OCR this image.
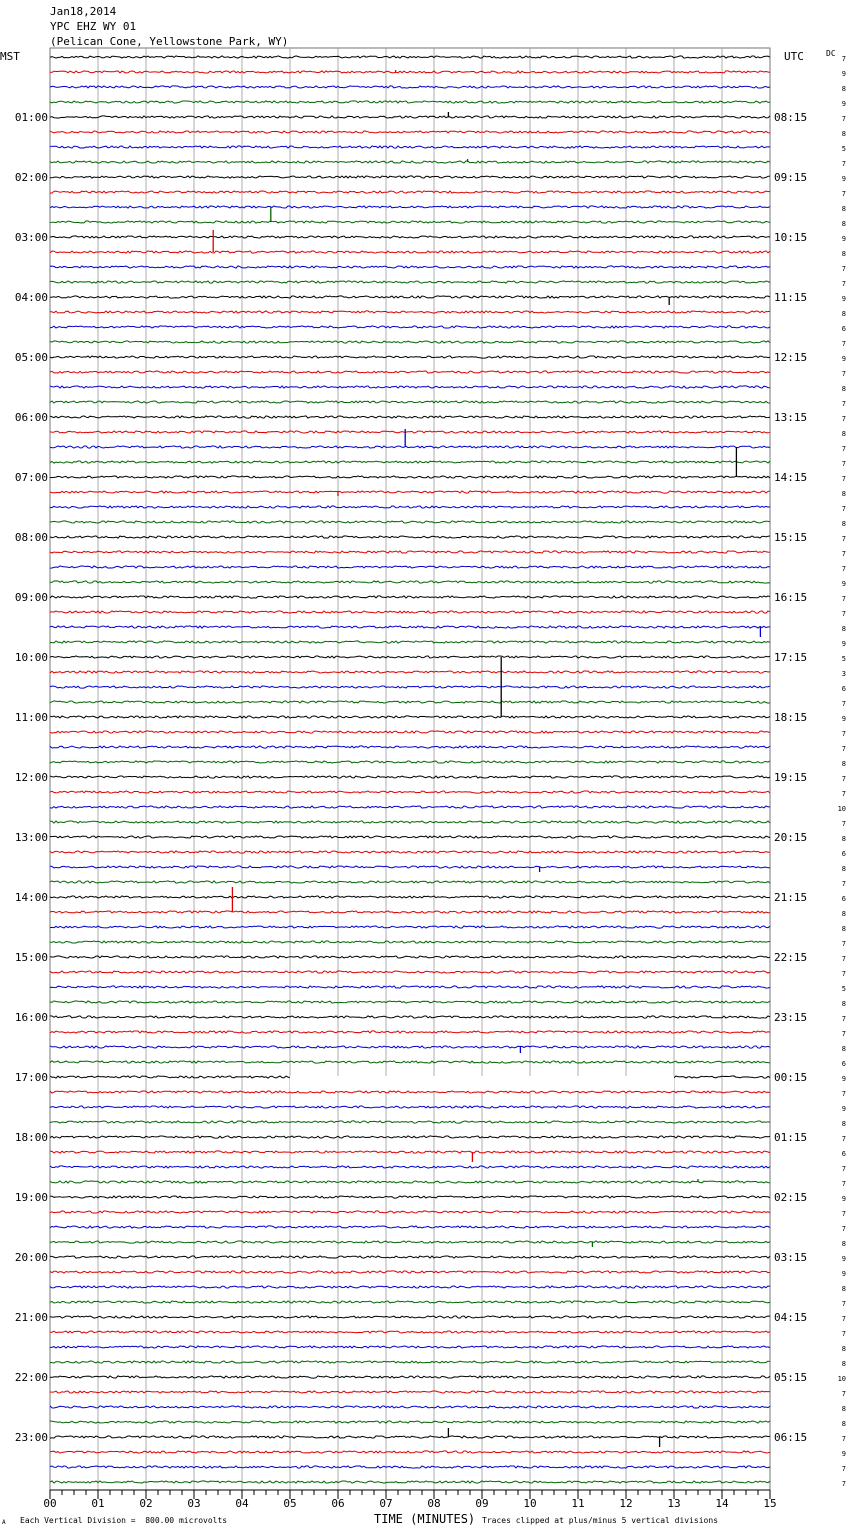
Jan18,2014
YPC EHZ WY 01
(Pelican Cone, Yellowstone Park, WY)
MST	UTC	DC
7
9
8
9
7
8
5
7
9
7
8
8
9
8
7
7
9
8
6
7
9
7
8
7
7
8
7
7
7
8
7
8
7
7
7
9
7
7
8
9
5
3
6
7
9
7
7
8
7
7
10
7
8
6
8
7
6
8
8
7
7
7
5
8
7
7
8
6
9
7
9
8
7
6
7
7
9
7
7
8
9
9
8
7
7
7
8
8
10
7
8
8
7
9
7
7
01:00
02:00
03:00
04:00
05:00
06:00
07:00
08:00
09:00
10:00
11:00
12:00
13:00
14:00
15:00
16:00
17:00
18:00
19:00
20:00
21:00
22:00
23:00
08:15
09:15
10:15
11:15
12:15
13:15
14:15
15:15
16:15
17:15
18:15
19:15
20:15
21:15
22:15
23:15
00:15
01:15
02:15
03:15
04:15
05:15
06:15
00	01	02	03	04	05	06	07	08	09	10	11	12	13	14	15
TIME (MINUTES)
Each Vertical Division =  800.00 microvolts	Traces clipped at plus/minus 5 vertical divisions
A
